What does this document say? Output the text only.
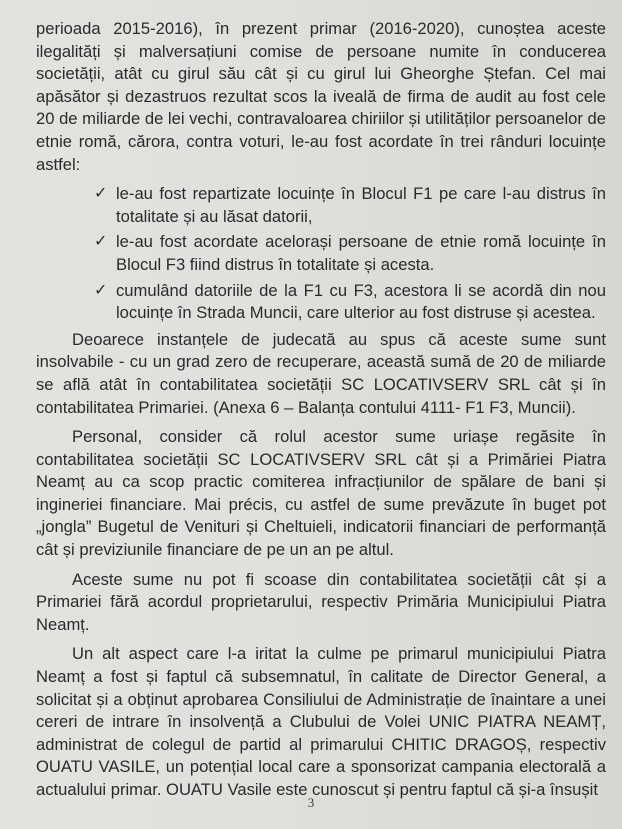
perioada 2015-2016), în prezent primar (2016-2020), cunoștea aceste ilegalități și malversațiuni comise de persoane numite în conducerea societății, atât cu girul său cât și cu girul lui Gheorghe Ștefan. Cel mai apăsător și dezastruos rezultat scos la iveală de firma de audit au fost cele 20 de miliarde de lei vechi, contravaloarea chiriilor și utilităților persoanelor de etnie romă, cărora, contra voturi, le-au fost acordate în trei rânduri locuințe astfel:

✓ le-au fost repartizate locuințe în Blocul F1 pe care l-au distrus în totalitate și au lăsat datorii,
✓ le-au fost acordate acelorași persoane de etnie romă locuințe în Blocul F3 fiind distrus în totalitate și acesta.
✓ cumulând datoriile de la F1 cu F3, acestora li se acordă din nou locuințe în Strada Muncii, care ulterior au fost distruse și acestea.

Deoarece instanțele de judecată au spus că aceste sume sunt insolvabile - cu un grad zero de recuperare, această sumă de 20 de miliarde se află atât în contabilitatea societății SC LOCATIVSERV SRL cât și în contabilitatea Primariei. (Anexa 6 – Balanța contului 4111- F1 F3, Muncii).

Personal, consider că rolul acestor sume uriașe regăsite în contabilitatea societății SC LOCATIVSERV SRL cât și a Primăriei Piatra Neamț au ca scop practic comiterea infracțiunilor de spălare de bani și ingineriei financiare. Mai précis, cu astfel de sume prevăzute în buget pot „jongla” Bugetul de Venituri și Cheltuieli, indicatorii financiari de performanță cât și previziunile financiare de pe un an pe altul.

Aceste sume nu pot fi scoase din contabilitatea societății cât și a Primariei fără acordul proprietarului, respectiv Primăria Municipiului Piatra Neamț.

Un alt aspect care l-a iritat la culme pe primarul municipiului Piatra Neamț a fost și faptul că subsemnatul, în calitate de Director General, a solicitat și a obținut aprobarea Consiliului de Administrație de înaintare a unei cereri de intrare în insolvență a Clubului de Volei UNIC PIATRA NEAMȚ, administrat de colegul de partid al primarului CHITIC DRAGOȘ, respectiv OUATU VASILE, un potențial local care a sponsorizat campania electorală a actualului primar. OUATU Vasile este cunoscut și pentru faptul că și-a însușit

3
